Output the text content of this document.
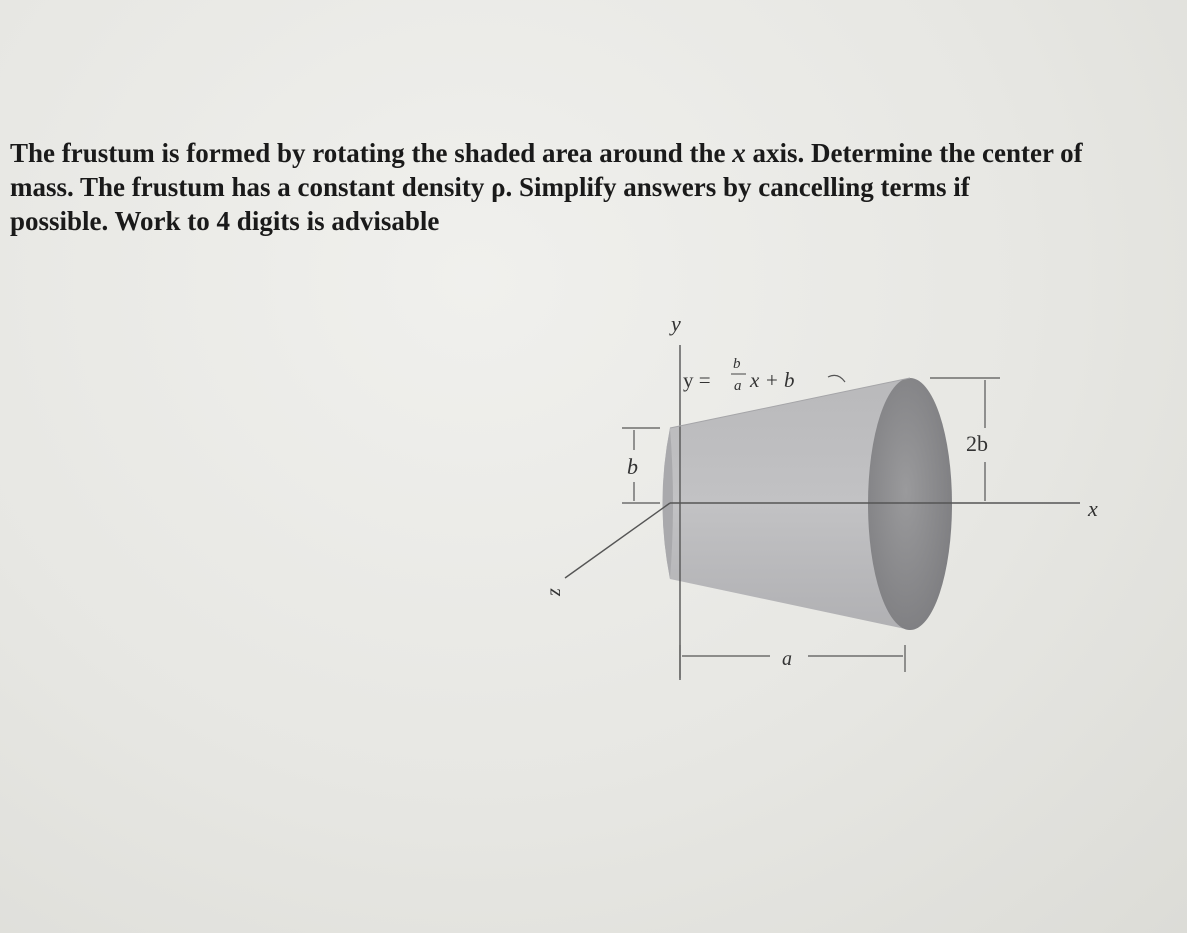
The frustum is formed by rotating the shaded area around the x axis. Determine the center of
mass. The frustum has a constant density ρ. Simplify answers by cancelling terms if
possible. Work to 4 digits is advisable
y
x
z
y =
b
a x + b
b
2b
a
